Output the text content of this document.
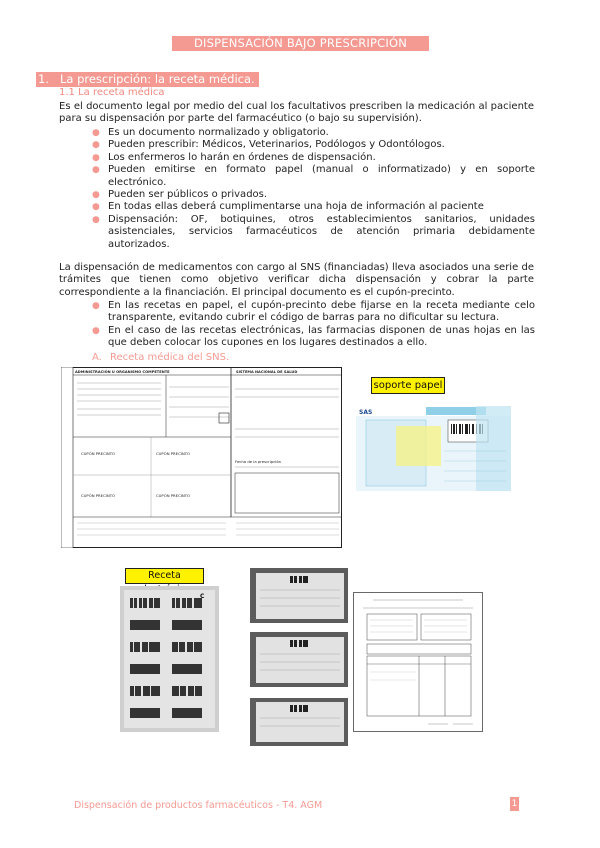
DISPENSACIÓN BAJO PRESCRIPCIÓN
1. La prescripción: la receta médica.
1.1 La receta médica
Es el documento legal por medio del cual los facultativos prescriben la medicación al paciente para su dispensación por parte del farmacéutico (o bajo su supervisión).
● Es un documento normalizado y obligatorio.
● Pueden prescribir: Médicos, Veterinarios, Podólogos y Odontólogos.
● Los enfermeros lo harán en órdenes de dispensación.
● Pueden emitirse en formato papel (manual o informatizado) y en soporte electrónico.
● Pueden ser públicos o privados.
● En todas ellas deberá cumplimentarse una hoja de información al paciente
● Dispensación: OF, botiquines, otros establecimientos sanitarios, unidades asistenciales, servicios farmacéuticos de atención primaria debidamente autorizados.
La dispensación de medicamentos con cargo al SNS (financiadas) lleva asociados una serie de trámites que tienen como objetivo verificar dicha dispensación y cobrar la parte correspondiente a la financiación. El principal documento es el cupón-precinto.
● En las recetas en papel, el cupón-precinto debe fijarse en la receta mediante celo transparente, evitando cubrir el código de barras para no dificultar su lectura.
● En el caso de las recetas electrónicas, las farmacias disponen de unas hojas en las que deben colocar los cupones en los lugares destinados a ello.
A. Receta médica del SNS.
ADMINISTRACIÓN U ORGANISMO COMPETENTE	SISTEMA NACIONAL DE SALUD
CUPÓN PRECINTO	CUPÓN PRECINTO
CUPÓN PRECINTO	CUPÓN PRECINTO
Fecha de la prescripción
soporte papel
SAS
Receta
C
Dispensación de productos farmacéuticos - T4. AGM	1
